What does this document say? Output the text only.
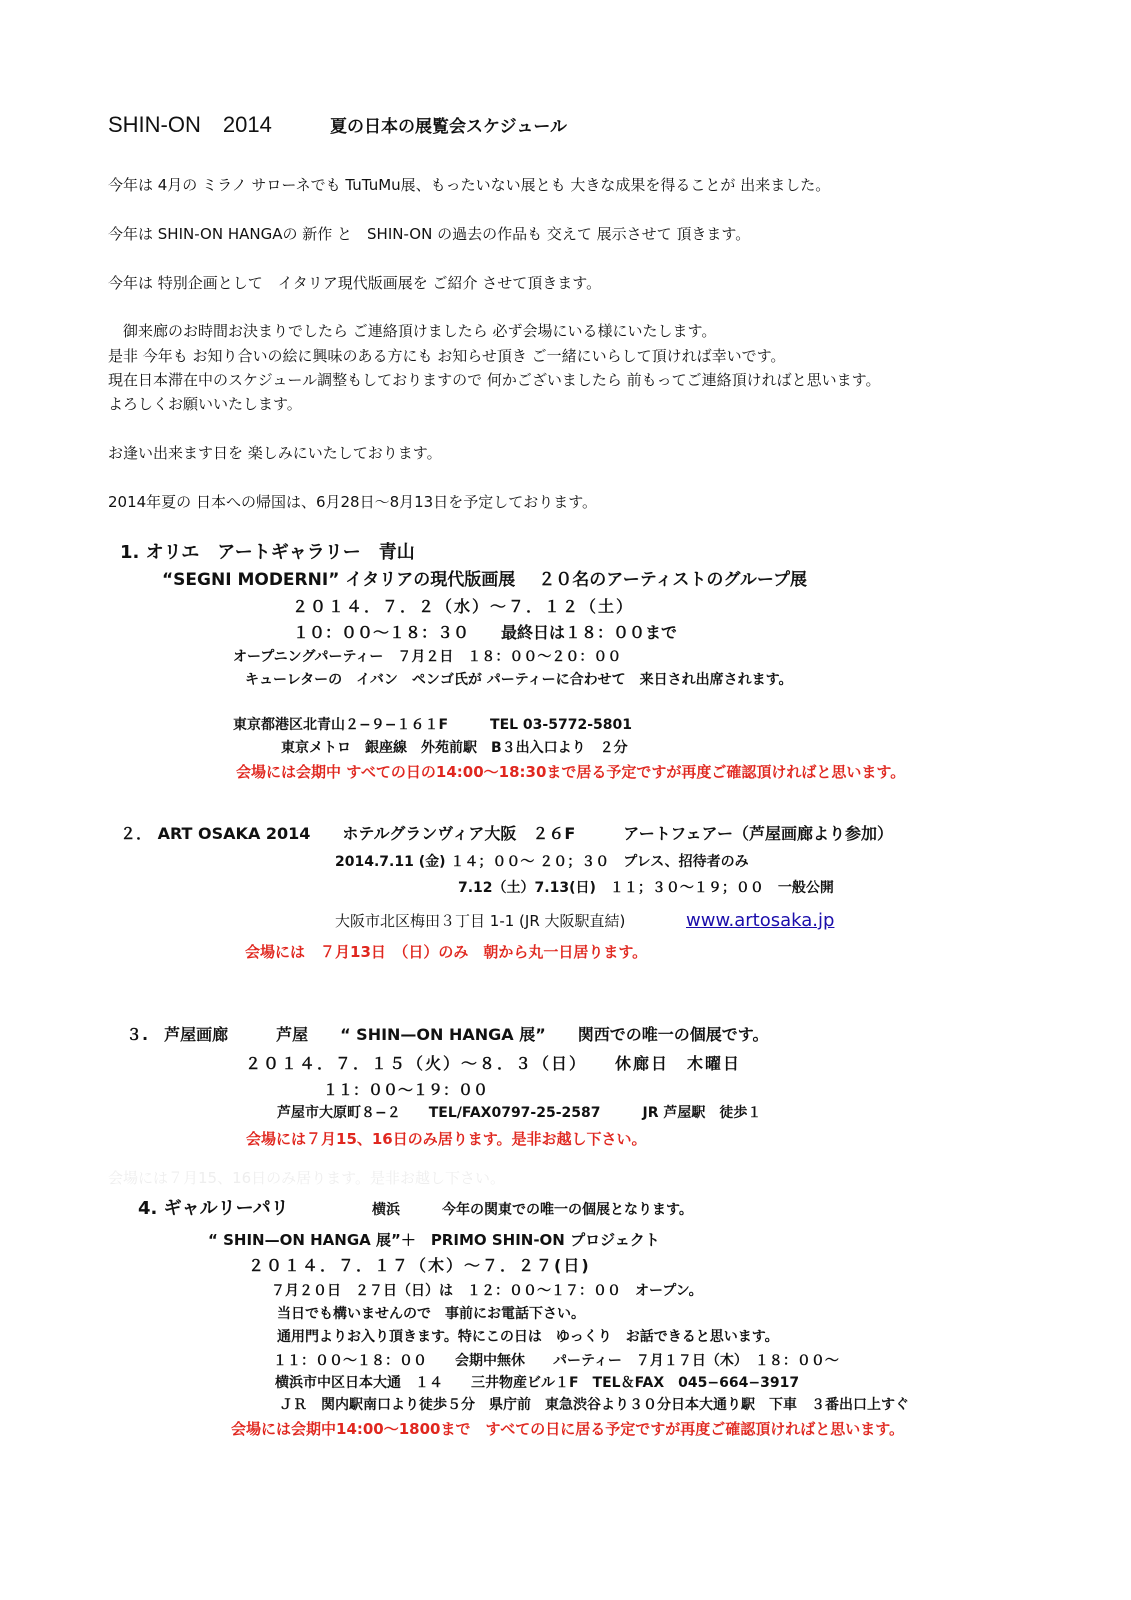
SHIN-ON　2014	夏の日本の展覧会スケジュール
今年は 4月の ミラノ サローネでも TuTuMu展、もったいない展とも 大きな成果を得ることが 出来ました。
今年は SHIN-ON HANGAの 新作 と　SHIN-ON の過去の作品も 交えて 展示させて 頂きます。
今年は 特別企画として　イタリア現代版画展を ご紹介 させて頂きます。
　御来廊のお時間お決まりでしたら ご連絡頂けましたら 必ず会場にいる様にいたします。
是非 今年も お知り合いの絵に興味のある方にも お知らせ頂き ご一緒にいらして頂ければ幸いです。
現在日本滞在中のスケジュール調整もしておりますので 何かございましたら 前もってご連絡頂ければと思います。
よろしくお願いいたします。
お逢い出来ます日を 楽しみにいたしております。
2014年夏の 日本への帰国は、6月28日～8月13日を予定しております。
1. オリエ　アートギャラリー　青山
“SEGNI MODERNI” イタリアの現代版画展　 ２０名のアーティストのグループ展
２０１４．７．２（水）～７．１２（土）
１０：００～１８：３０　　最終日は１８：００まで
オープニングパーティー　７月２日　１８：００～２０：００
キューレターの　イバン　ペンゴ氏が パーティーに合わせて　来日され出席されます。
東京都港区北青山２−９−１６１F　　　TEL 03-5772-5801
東京メトロ　銀座線　外苑前駅　B３出入口より　２分
会場には会期中 すべての日の14:00～18:30まで居る予定ですが再度ご確認頂ければと思います。
２． ART OSAKA 2014　　ホテルグランヴィア大阪　２６F　　　アートフェアー（芦屋画廊より参加）
2014.7.11 (金) １４；００～ ２０；３０　プレス、招待者のみ
7.12（土）7.13(日)　１１；３０～１９；００　一般公開
大阪市北区梅田３丁目 1-1 (JR 大阪駅直結)	www.artosaka.jp
会場には　７月13日　（日）のみ　朝から丸一日居ります。
３.　芦屋画廊　　　芦屋　　“ SHIN—ON HANGA 展”　　関西での唯一の個展です。
２０１４．７．１５（火）～８．３（日）　　休廊日　木曜日
１１：００～１９：００
芦屋市大原町８−２　　TEL/FAX0797-25-2587　　　JR 芦屋駅　徒歩１
会場には７月15、16日のみ居ります。是非お越し下さい。
会場には７月15、16日のみ居ります。是非お越し下さい。
4. ギャルリーパリ	横浜　　　今年の関東での唯一の個展となります。
“ SHIN—ON HANGA 展”＋　PRIMO SHIN-ON プロジェクト
２０１４．７．１７（木）～７．２７(日)
７月２０日　２７日（日）は　１２：００～１７：００　オープン。
当日でも構いませんので　事前にお電話下さい。
通用門よりお入り頂きます。特にこの日は　ゆっくり　お話できると思います。
１１：００～１８：００　　会期中無休　　パーティー　７月１７日（木）　１８：００～
横浜市中区日本大通　１４　　三井物産ビル１F　TEL＆FAX　045−664−3917
ＪＲ　関内駅南口より徒歩５分　県庁前　東急渋谷より３０分日本大通り駅　下車　３番出口上すぐ
会場には会期中14:00～1800まで　すべての日に居る予定ですが再度ご確認頂ければと思います。
